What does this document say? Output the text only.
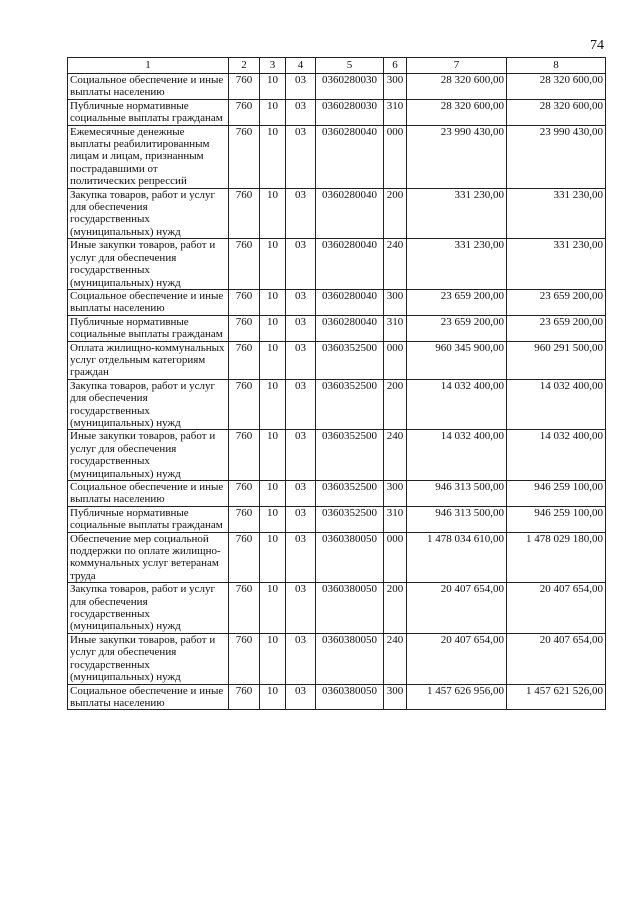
74
1	2	3	4	5	6	7	8
Социальное обеспечение и иные выплаты населению	760	10	03	0360280030	300	28 320 600,00	28 320 600,00
Публичные нормативные социальные выплаты гражданам	760	10	03	0360280030	310	28 320 600,00	28 320 600,00
Ежемесячные денежные выплаты реабилитированным лицам и лицам, признанным пострадавшими от политических репрессий	760	10	03	0360280040	000	23 990 430,00	23 990 430,00
Закупка товаров, работ и услуг для обеспечения государственных (муниципальных) нужд	760	10	03	0360280040	200	331 230,00	331 230,00
Иные закупки товаров, работ и услуг для обеспечения государственных (муниципальных) нужд	760	10	03	0360280040	240	331 230,00	331 230,00
Социальное обеспечение и иные выплаты населению	760	10	03	0360280040	300	23 659 200,00	23 659 200,00
Публичные нормативные социальные выплаты гражданам	760	10	03	0360280040	310	23 659 200,00	23 659 200,00
Оплата жилищно-коммунальных услуг отдельным категориям граждан	760	10	03	0360352500	000	960 345 900,00	960 291 500,00
Закупка товаров, работ и услуг для обеспечения государственных (муниципальных) нужд	760	10	03	0360352500	200	14 032 400,00	14 032 400,00
Иные закупки товаров, работ и услуг для обеспечения государственных (муниципальных) нужд	760	10	03	0360352500	240	14 032 400,00	14 032 400,00
Социальное обеспечение и иные выплаты населению	760	10	03	0360352500	300	946 313 500,00	946 259 100,00
Публичные нормативные социальные выплаты гражданам	760	10	03	0360352500	310	946 313 500,00	946 259 100,00
Обеспечение мер социальной поддержки по оплате жилищно-коммунальных услуг ветеранам труда	760	10	03	0360380050	000	1 478 034 610,00	1 478 029 180,00
Закупка товаров, работ и услуг для обеспечения государственных (муниципальных) нужд	760	10	03	0360380050	200	20 407 654,00	20 407 654,00
Иные закупки товаров, работ и услуг для обеспечения государственных (муниципальных) нужд	760	10	03	0360380050	240	20 407 654,00	20 407 654,00
Социальное обеспечение и иные выплаты населению	760	10	03	0360380050	300	1 457 626 956,00	1 457 621 526,00
